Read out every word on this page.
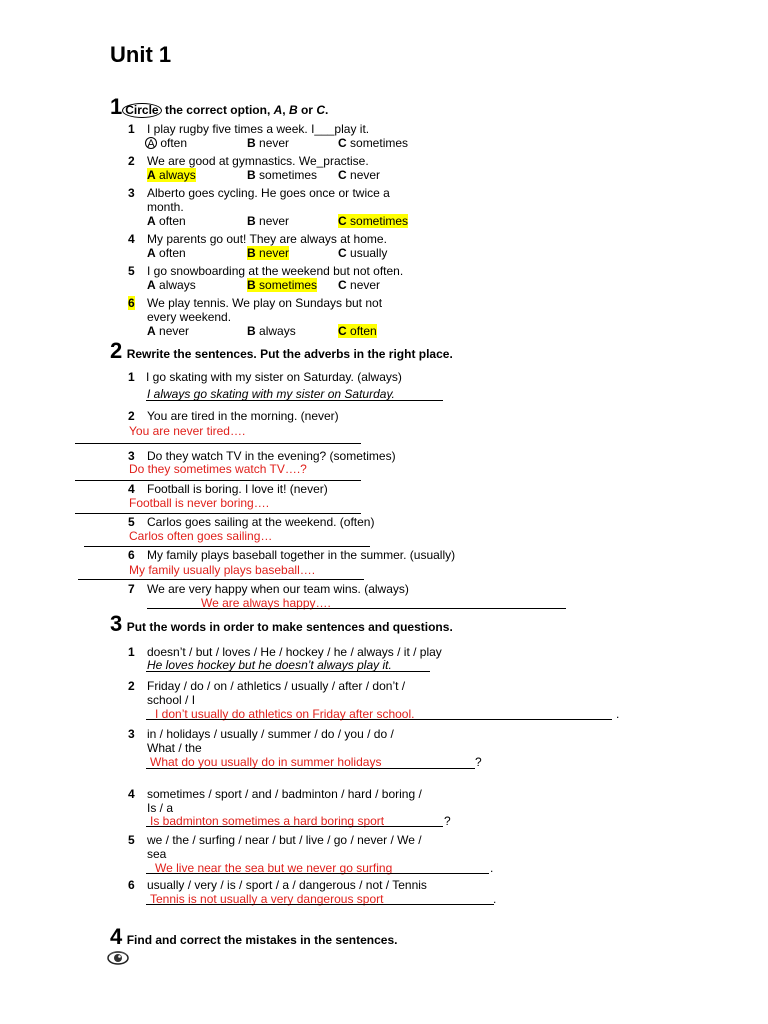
Unit 1
1 Circle the correct option, A, B or C.
1 I play rugby five times a week. I___play it.
A often	B never	C sometimes
2 We are good at gymnastics. We_practise.
A always	B sometimes C never
3 Alberto goes cycling. He goes once or twice a
month.
A often	B never	C sometimes
4 My parents go out! They are always at home.
A often	B never	C usually
5 I go snowboarding at the weekend but not often.
A always	B sometimes C never
6 We play tennis. We play on Sundays but not
every weekend.
A never	B always	C often
2 Rewrite the sentences. Put the adverbs in the right place.
1 I go skating with my sister on Saturday. (always)
I always go skating with my sister on Saturday.
2 You are tired in the morning. (never)
You are never tired….
3 Do they watch TV in the evening? (sometimes)
Do they sometimes watch TV….?
4 Football is boring. I love it! (never)
Football is never boring….
5 Carlos goes sailing at the weekend. (often)
Carlos often goes sailing…
6 My family plays baseball together in the summer. (usually)
My family usually plays baseball….
7 We are very happy when our team wins. (always)
We are always happy….
3 Put the words in order to make sentences and questions.
1 doesn’t / but / loves / He / hockey / he / always / it / play
He loves hockey but he doesn’t always play it.
2 Friday / do / on / athletics / usually / after / don’t /
school / I
I don’t usually do athletics on Friday after school.	.
3 in / holidays / usually / summer / do / you / do /
What / the
What do you usually do in summer holidays	?
4 sometimes / sport / and / badminton / hard / boring /
Is / a
Is badminton sometimes a hard boring sport	?
5 we / the / surfing / near / but / live / go / never / We /
sea
We live near the sea but we never go surfing	.
6 usually / very / is / sport / a / dangerous / not / Tennis
Tennis is not usually a very dangerous sport	.
4 Find and correct the mistakes in the sentences.
